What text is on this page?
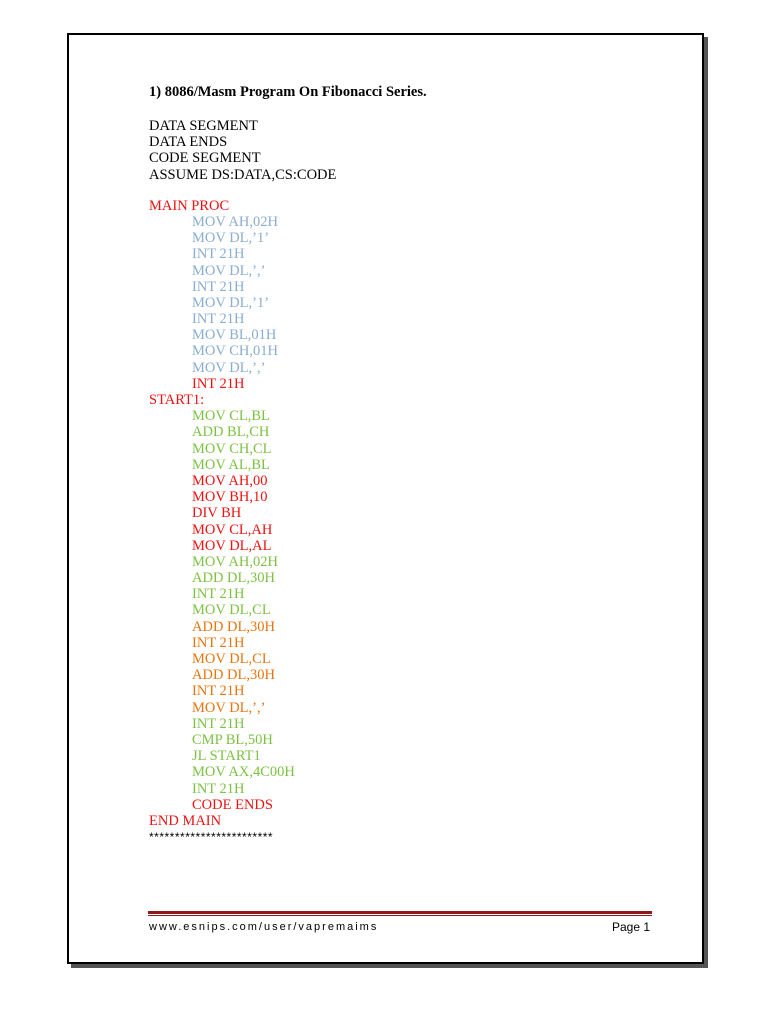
1) 8086/Masm Program On Fibonacci Series.
DATA SEGMENT
DATA ENDS
CODE SEGMENT
ASSUME DS:DATA,CS:CODE
MAIN PROC
MOV AH,02H
MOV DL,’1’
INT 21H
MOV DL,’,’
INT 21H
MOV DL,’1’
INT 21H
MOV BL,01H
MOV CH,01H
MOV DL,’,’
INT 21H
START1:
MOV CL,BL
ADD BL,CH
MOV CH,CL
MOV AL,BL
MOV AH,00
MOV BH,10
DIV BH
MOV CL,AH
MOV DL,AL
MOV AH,02H
ADD DL,30H
INT 21H
MOV DL,CL
ADD DL,30H
INT 21H
MOV DL,CL
ADD DL,30H
INT 21H
MOV DL,’,’
INT 21H
CMP BL,50H
JL START1
MOV AX,4C00H
INT 21H
CODE ENDS
END MAIN
************************
www.esnips.com/user/vapremaims	Page 1
